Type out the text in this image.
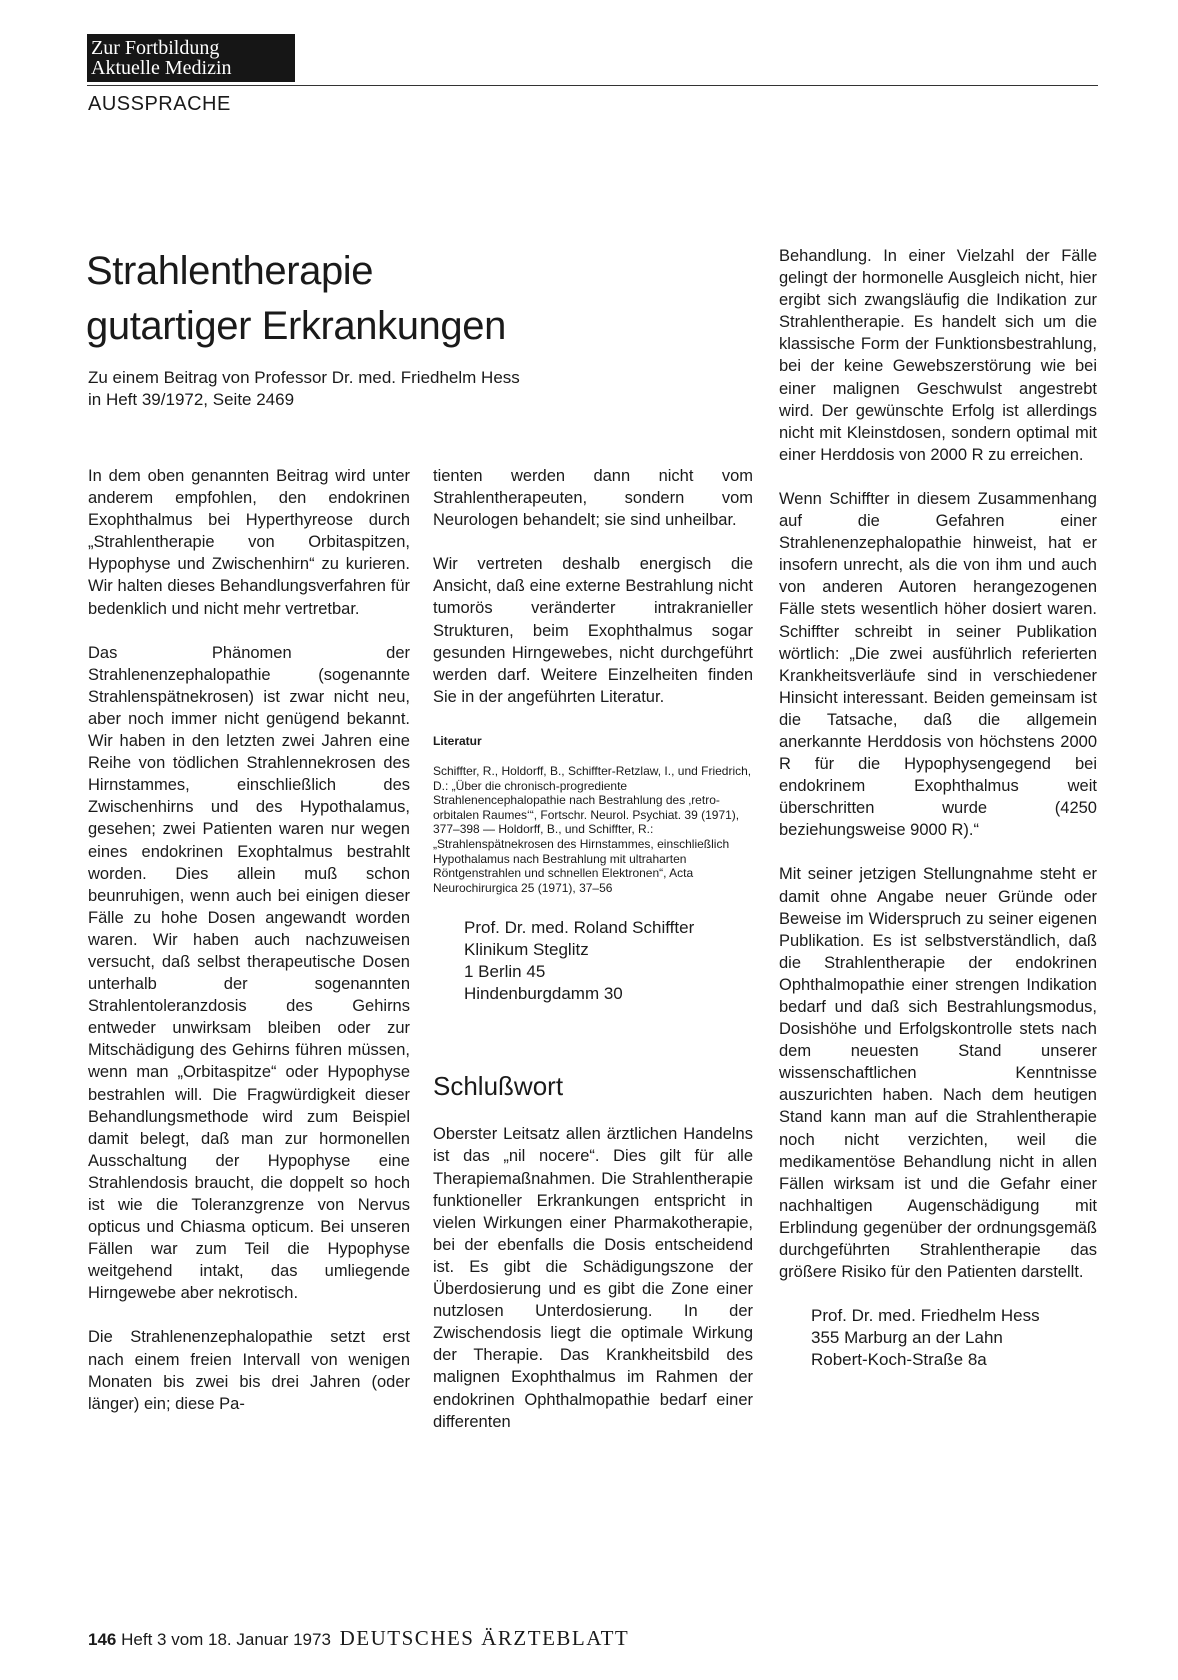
Zur Fortbildung
Aktuelle Medizin
AUSSPRACHE
Strahlentherapie
gutartiger Erkrankungen
Zu einem Beitrag von Professor Dr. med. Friedhelm Hess
in Heft 39/1972, Seite 2469

In dem oben genannten Beitrag wird unter anderem empfohlen, den endokrinen Exophthalmus bei Hyperthyreose durch „Strahlentherapie von Orbitaspitzen, Hypophyse und Zwischenhirn“ zu kurieren. Wir halten dieses Behandlungsverfahren für bedenklich und nicht mehr vertretbar.

Das Phänomen der Strahlenenzephalopathie (sogenannte Strahlenspätnekrosen) ist zwar nicht neu, aber noch immer nicht genügend bekannt. Wir haben in den letzten zwei Jahren eine Reihe von tödlichen Strahlennekrosen des Hirnstammes, einschließlich des Zwischenhirns und des Hypothalamus, gesehen; zwei Patienten waren nur wegen eines endokrinen Exophtalmus bestrahlt worden. Dies allein muß schon beunruhigen, wenn auch bei einigen dieser Fälle zu hohe Dosen angewandt worden waren. Wir haben auch nachzuweisen versucht, daß selbst therapeutische Dosen unterhalb der sogenannten Strahlentoleranzdosis des Gehirns entweder unwirksam bleiben oder zur Mitschädigung des Gehirns führen müssen, wenn man „Orbitaspitze“ oder Hypophyse bestrahlen will. Die Fragwürdigkeit dieser Behandlungsmethode wird zum Beispiel damit belegt, daß man zur hormonellen Ausschaltung der Hypophyse eine Strahlendosis braucht, die doppelt so hoch ist wie die Toleranzgrenze von Nervus opticus und Chiasma opticum. Bei unseren Fällen war zum Teil die Hypophyse weitgehend intakt, das umliegende Hirngewebe aber nekrotisch.

Die Strahlenenzephalopathie setzt erst nach einem freien Intervall von wenigen Monaten bis zwei bis drei Jahren (oder länger) ein; diese Pa-

tienten werden dann nicht vom Strahlentherapeuten, sondern vom Neurologen behandelt; sie sind unheilbar.

Wir vertreten deshalb energisch die Ansicht, daß eine externe Bestrahlung nicht tumorös veränderter intrakranieller Strukturen, beim Exophthalmus sogar gesunden Hirngewebes, nicht durchgeführt werden darf. Weitere Einzelheiten finden Sie in der angeführten Literatur.

Literatur

Schiffter, R., Holdorff, B., Schiffter-Retzlaw, I., und Friedrich, D.: „Über die chronisch-progrediente Strahlenencephalopathie nach Bestrahlung des ‚retro-orbitalen Raumes‘“, Fortschr. Neurol. Psychiat. 39 (1971), 377–398 — Holdorff, B., und Schiffter, R.: „Strahlenspätnekrosen des Hirnstammes, einschließlich Hypothalamus nach Bestrahlung mit ultraharten Röntgenstrahlen und schnellen Elektronen“, Acta Neurochirurgica 25 (1971), 37–56

Prof. Dr. med. Roland Schiffter
Klinikum Steglitz
1 Berlin 45
Hindenburgdamm 30
Schlußwort

Oberster Leitsatz allen ärztlichen Handelns ist das „nil nocere“. Dies gilt für alle Therapiemaßnahmen. Die Strahlentherapie funktioneller Erkrankungen entspricht in vielen Wirkungen einer Pharmakotherapie, bei der ebenfalls die Dosis entscheidend ist. Es gibt die Schädigungszone der Überdosierung und es gibt die Zone einer nutzlosen Unterdosierung. In der Zwischendosis liegt die optimale Wirkung der Therapie. Das Krankheitsbild des malignen Exophthalmus im Rahmen der endokrinen Ophthalmopathie bedarf einer differenten

Behandlung. In einer Vielzahl der Fälle gelingt der hormonelle Ausgleich nicht, hier ergibt sich zwangsläufig die Indikation zur Strahlentherapie. Es handelt sich um die klassische Form der Funktionsbestrahlung, bei der keine Gewebszerstörung wie bei einer malignen Geschwulst angestrebt wird. Der gewünschte Erfolg ist allerdings nicht mit Kleinstdosen, sondern optimal mit einer Herddosis von 2000 R zu erreichen.

Wenn Schiffter in diesem Zusammenhang auf die Gefahren einer Strahlenenzephalopathie hinweist, hat er insofern unrecht, als die von ihm und auch von anderen Autoren herangezogenen Fälle stets wesentlich höher dosiert waren. Schiffter schreibt in seiner Publikation wörtlich: „Die zwei ausführlich referierten Krankheitsverläufe sind in verschiedener Hinsicht interessant. Beiden gemeinsam ist die Tatsache, daß die allgemein anerkannte Herddosis von höchstens 2000 R für die Hypophysengegend bei endokrinem Exophthalmus weit überschritten wurde (4250 beziehungsweise 9000 R).“

Mit seiner jetzigen Stellungnahme steht er damit ohne Angabe neuer Gründe oder Beweise im Widerspruch zu seiner eigenen Publikation. Es ist selbstverständlich, daß die Strahlentherapie der endokrinen Ophthalmopathie einer strengen Indikation bedarf und daß sich Bestrahlungsmodus, Dosishöhe und Erfolgskontrolle stets nach dem neuesten Stand unserer wissenschaftlichen Kenntnisse auszurichten haben. Nach dem heutigen Stand kann man auf die Strahlentherapie noch nicht verzichten, weil die medikamentöse Behandlung nicht in allen Fällen wirksam ist und die Gefahr einer nachhaltigen Augenschädigung mit Erblindung gegenüber der ordnungsgemäß durchgeführten Strahlentherapie das größere Risiko für den Patienten darstellt.

Prof. Dr. med. Friedhelm Hess
355 Marburg an der Lahn
Robert-Koch-Straße 8a
146 Heft 3 vom 18. Januar 1973 DEUTSCHES ÄRZTEBLATT
